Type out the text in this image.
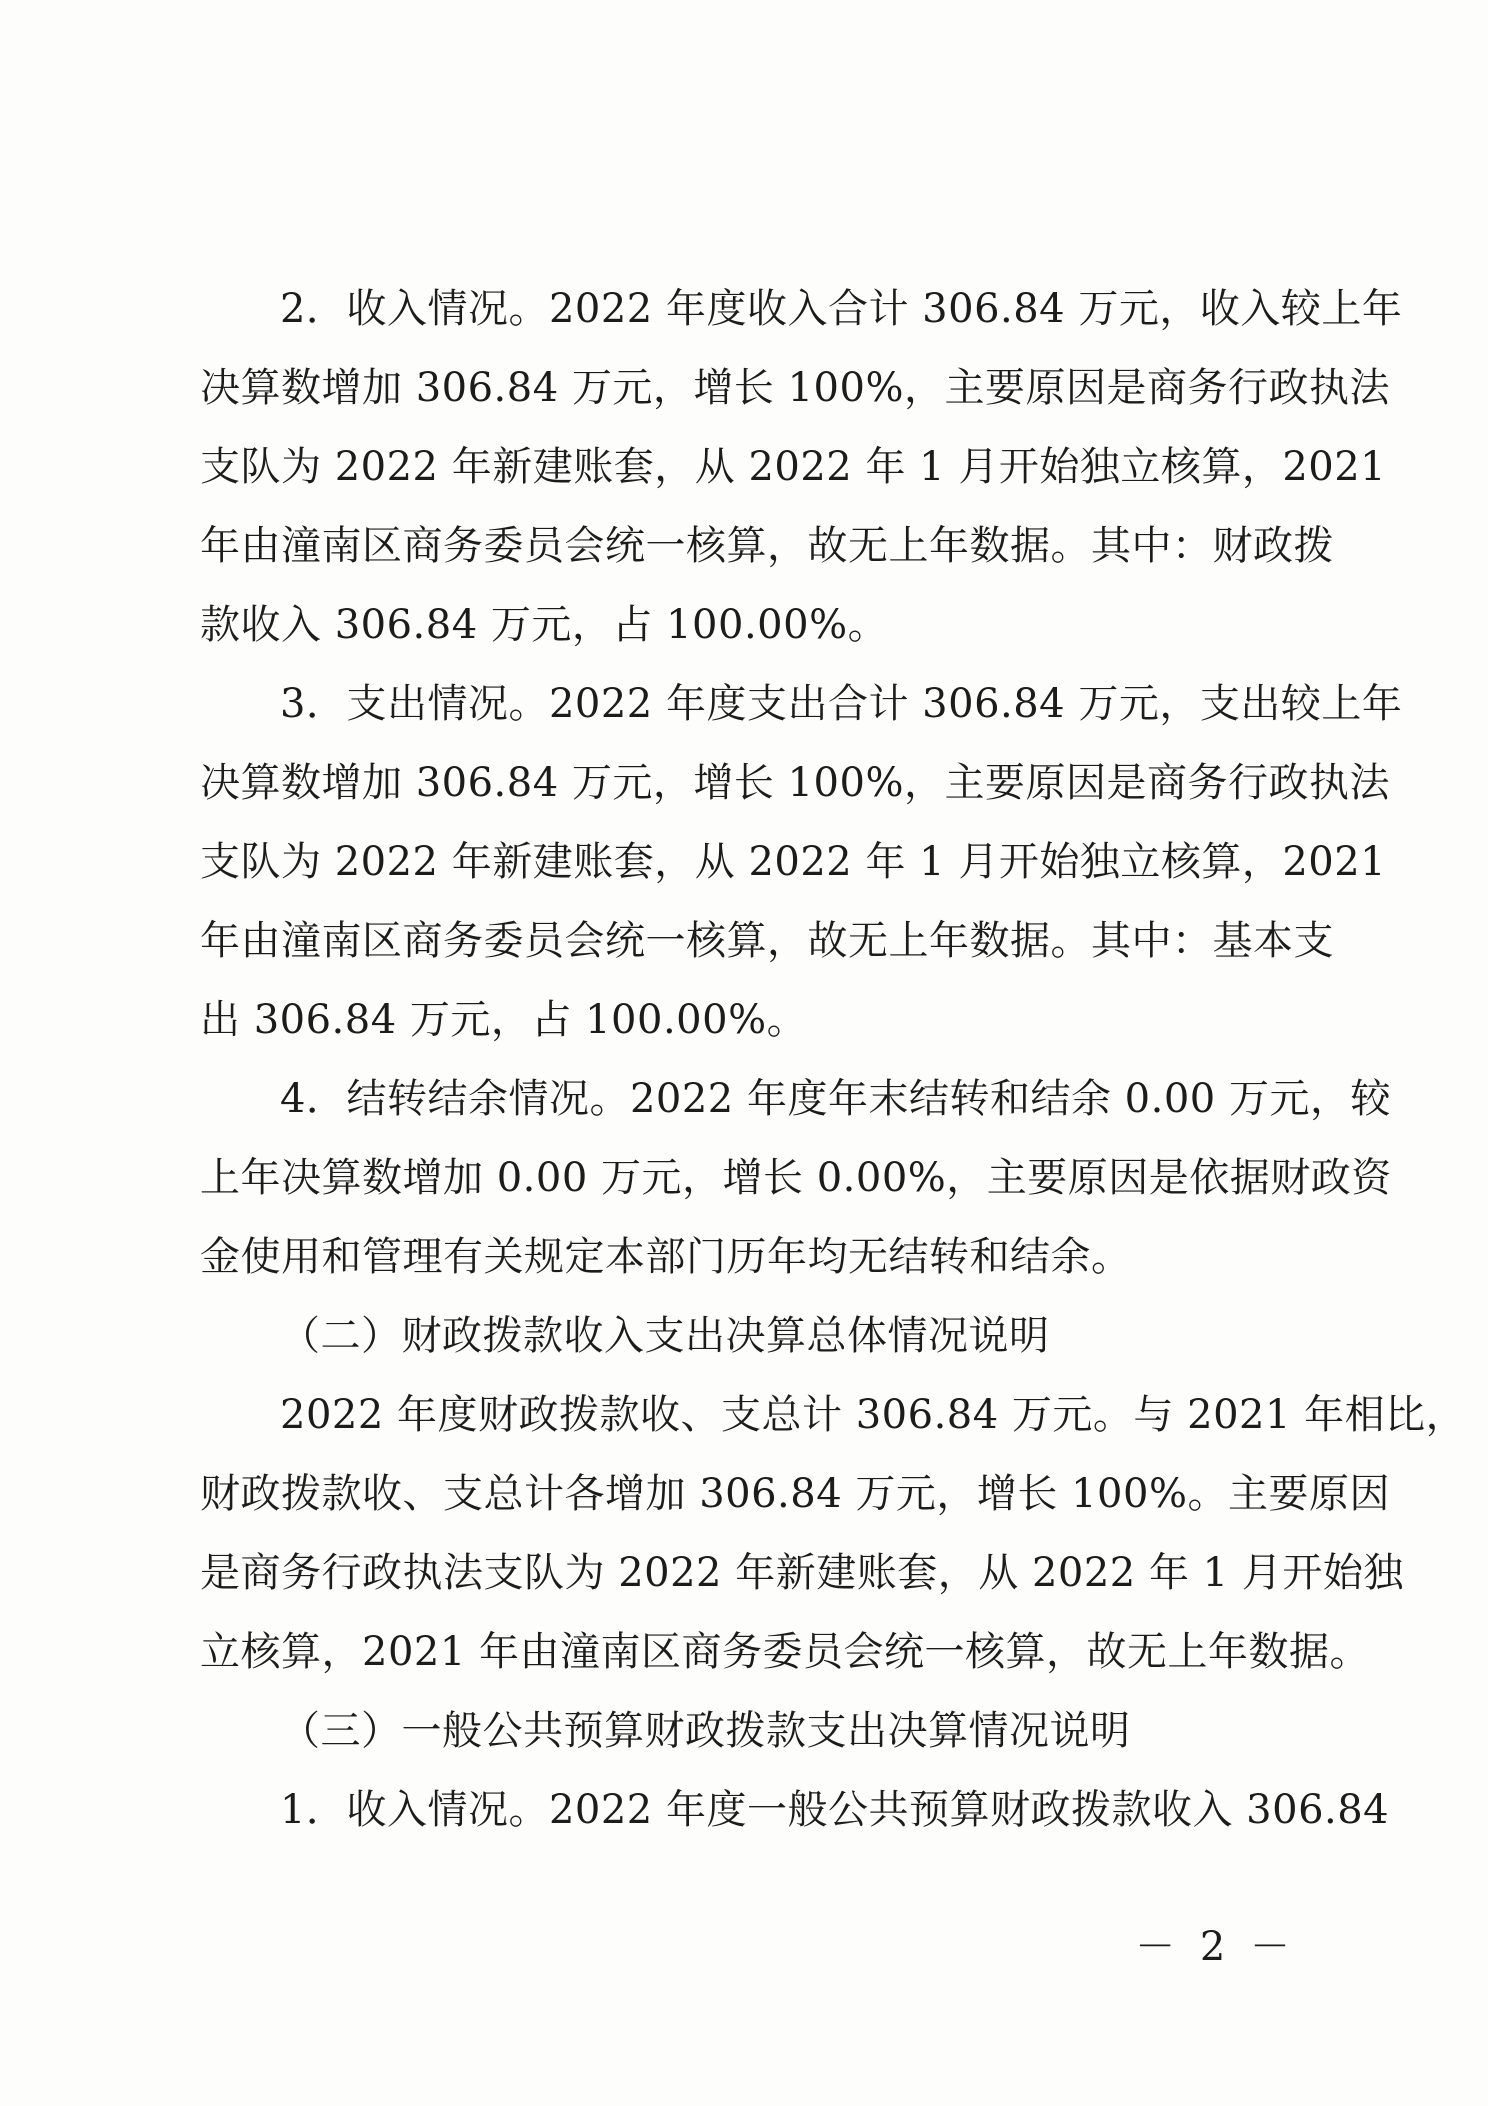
2．收入情况。2022 年度收入合计 306.84 万元，收入较上年
决算数增加 306.84 万元，增长 100%，主要原因是商务行政执法
支队为 2022 年新建账套，从 2022 年 1 月开始独立核算，2021
年由潼南区商务委员会统一核算，故无上年数据。其中：财政拨
款收入 306.84 万元，占 100.00%。
3．支出情况。2022 年度支出合计 306.84 万元，支出较上年
决算数增加 306.84 万元，增长 100%，主要原因是商务行政执法
支队为 2022 年新建账套，从 2022 年 1 月开始独立核算，2021
年由潼南区商务委员会统一核算，故无上年数据。其中：基本支
出 306.84 万元，占 100.00%。
4．结转结余情况。2022 年度年末结转和结余 0.00 万元，较
上年决算数增加 0.00 万元，增长 0.00%，主要原因是依据财政资
金使用和管理有关规定本部门历年均无结转和结余。
（二）财政拨款收入支出决算总体情况说明
2022 年度财政拨款收、支总计 306.84 万元。与 2021 年相比，
财政拨款收、支总计各增加 306.84 万元，增长 100%。主要原因
是商务行政执法支队为 2022 年新建账套，从 2022 年 1 月开始独
立核算，2021 年由潼南区商务委员会统一核算，故无上年数据。
（三）一般公共预算财政拨款支出决算情况说明
1．收入情况。2022 年度一般公共预算财政拨款收入 306.84
－ 2 －
